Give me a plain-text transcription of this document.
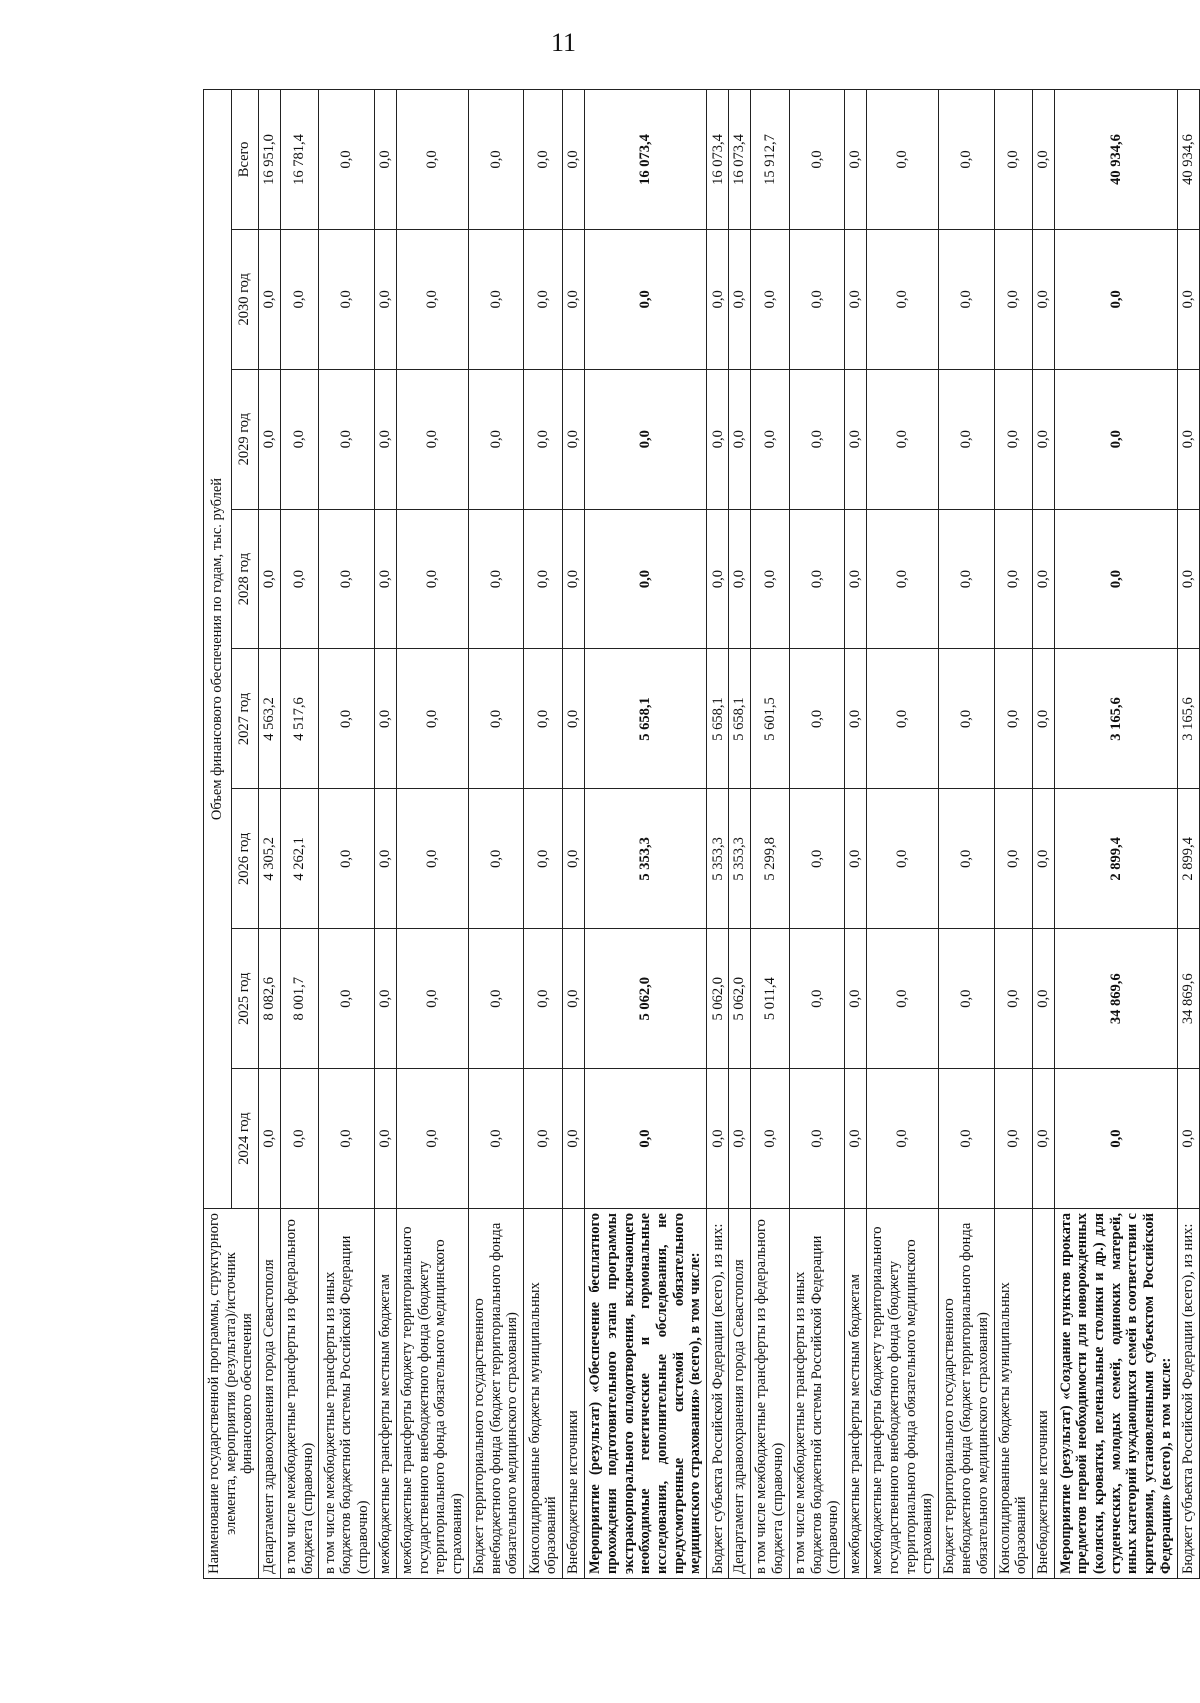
11
Наименование государственной программы, структурного элемента, мероприятия (результата)/источник финансового обеспечения	Объем финансового обеспечения по годам, тыс. рублей							
	2024 год	2025 год	2026 год	2027 год	2028 год	2029 год	2030 год	Всего
Департамент здравоохранения города Севастополя	0,0	8 082,6	4 305,2	4 563,2	0,0	0,0	0,0	16 951,0
в том числе межбюджетные трансферты из федерального бюджета (справочно)	0,0	8 001,7	4 262,1	4 517,6	0,0	0,0	0,0	16 781,4
в том числе межбюджетные трансферты из иных бюджетов бюджетной системы Российской Федерации (справочно)	0,0	0,0	0,0	0,0	0,0	0,0	0,0	0,0
межбюджетные трансферты местным бюджетам	0,0	0,0	0,0	0,0	0,0	0,0	0,0	0,0
межбюджетные трансферты бюджету территориального государственного внебюджетного фонда (бюджету территориального фонда обязательного медицинского страхования)	0,0	0,0	0,0	0,0	0,0	0,0	0,0	0,0
Бюджет территориального государственного внебюджетного фонда (бюджет территориального фонда обязательного медицинского страхования)	0,0	0,0	0,0	0,0	0,0	0,0	0,0	0,0
Консолидированные бюджеты муниципальных образований	0,0	0,0	0,0	0,0	0,0	0,0	0,0	0,0
Внебюджетные источники	0,0	0,0	0,0	0,0	0,0	0,0	0,0	0,0
Мероприятие (результат) «Обеспечение бесплатного прохождения подготовительного этапа программы экстракорпорального оплодотворения, включающего необходимые генетические и гормональные исследования, дополнительные обследования, не предусмотренные системой обязательного медицинского страхования» (всего), в том числе:	0,0	5 062,0	5 353,3	5 658,1	0,0	0,0	0,0	16 073,4
Бюджет субъекта Российской Федерации (всего), из них:	0,0	5 062,0	5 353,3	5 658,1	0,0	0,0	0,0	16 073,4
Департамент здравоохранения города Севастополя	0,0	5 062,0	5 353,3	5 658,1	0,0	0,0	0,0	16 073,4
в том числе межбюджетные трансферты из федерального бюджета (справочно)	0,0	5 011,4	5 299,8	5 601,5	0,0	0,0	0,0	15 912,7
в том числе межбюджетные трансферты из иных бюджетов бюджетной системы Российской Федерации (справочно)	0,0	0,0	0,0	0,0	0,0	0,0	0,0	0,0
межбюджетные трансферты местным бюджетам	0,0	0,0	0,0	0,0	0,0	0,0	0,0	0,0
межбюджетные трансферты бюджету территориального государственного внебюджетного фонда (бюджету территориального фонда обязательного медицинского страхования)	0,0	0,0	0,0	0,0	0,0	0,0	0,0	0,0
Бюджет территориального государственного внебюджетного фонда (бюджет территориального фонда обязательного медицинского страхования)	0,0	0,0	0,0	0,0	0,0	0,0	0,0	0,0
Консолидированные бюджеты муниципальных образований	0,0	0,0	0,0	0,0	0,0	0,0	0,0	0,0
Внебюджетные источники	0,0	0,0	0,0	0,0	0,0	0,0	0,0	0,0
Мероприятие (результат) «Создание пунктов проката предметов первой необходимости для новорожденных (коляски, кроватки, пеленальные столики и др.) для студенческих, молодых семей, одиноких матерей, иных категорий нуждающихся семей в соответствии с критериями, установленными субъектом Российской Федерации» (всего), в том числе:	0,0	34 869,6	2 899,4	3 165,6	0,0	0,0	0,0	40 934,6
Бюджет субъекта Российской Федерации (всего), из них:	0,0	34 869,6	2 899,4	3 165,6	0,0	0,0	0,0	40 934,6
